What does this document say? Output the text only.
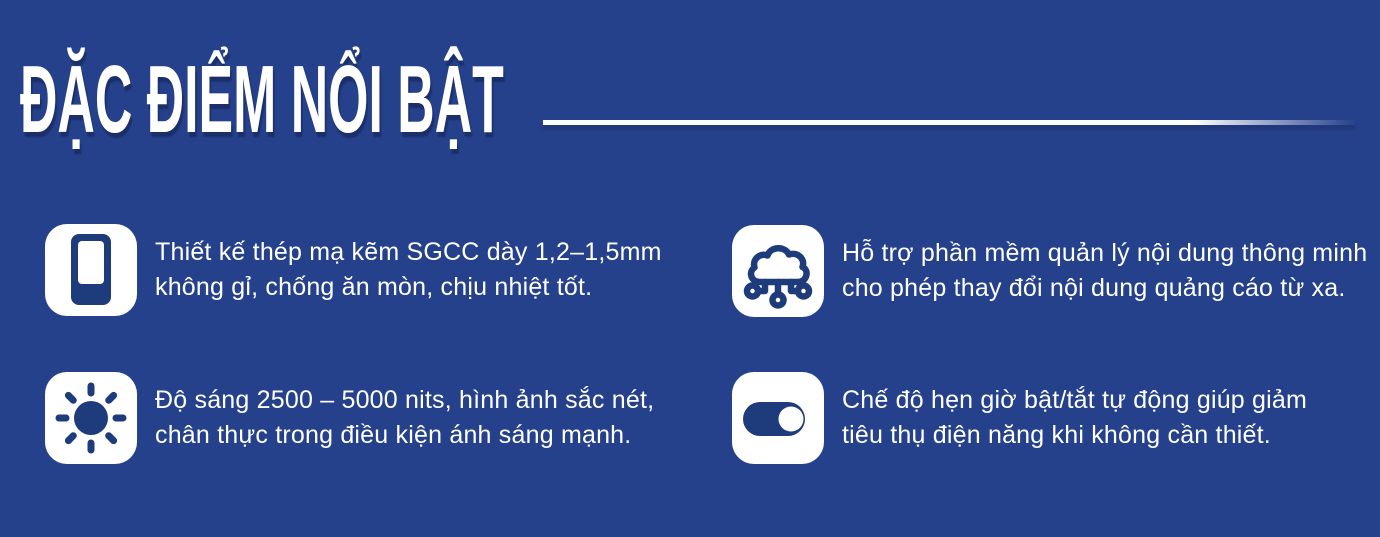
ĐẶC ĐIỂM NỔI BẬT
Thiết kế thép mạ kẽm SGCC dày 1,2–1,5mm
không gỉ, chống ăn mòn, chịu nhiệt tốt.
Độ sáng 2500 – 5000 nits, hình ảnh sắc nét,
chân thực trong điều kiện ánh sáng mạnh.
Hỗ trợ phần mềm quản lý nội dung thông minh
cho phép thay đổi nội dung quảng cáo từ xa.
Chế độ hẹn giờ bật/tắt tự động giúp giảm
tiêu thụ điện năng khi không cần thiết.
